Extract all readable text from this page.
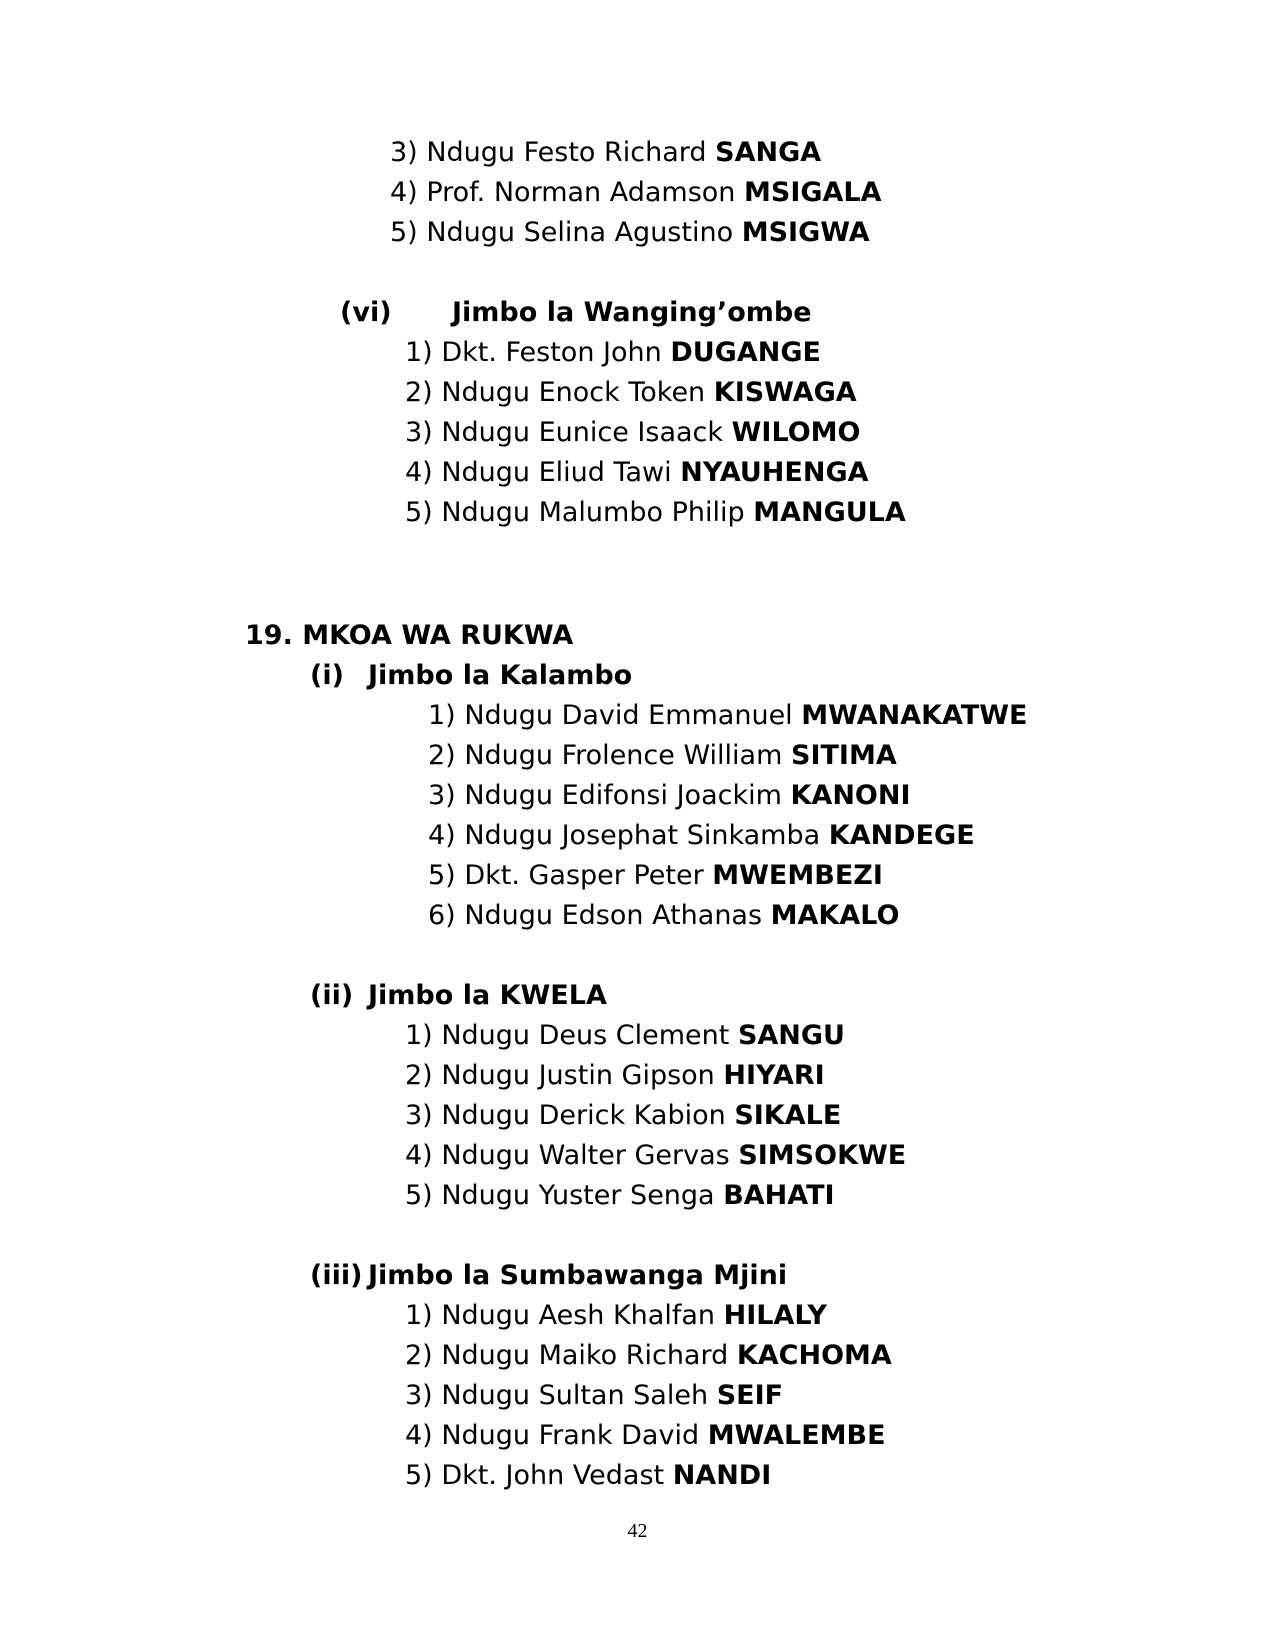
3) Ndugu Festo Richard SANGA
4) Prof. Norman Adamson MSIGALA
5) Ndugu Selina Agustino MSIGWA
(vi) Jimbo la Wanging’ombe
1) Dkt. Feston John DUGANGE
2) Ndugu Enock Token KISWAGA
3) Ndugu Eunice Isaack WILOMO
4) Ndugu Eliud Tawi NYAUHENGA
5) Ndugu Malumbo Philip MANGULA
19. MKOA WA RUKWA
(i) Jimbo la Kalambo
1) Ndugu David Emmanuel MWANAKATWE
2) Ndugu Frolence William SITIMA
3) Ndugu Edifonsi Joackim KANONI
4) Ndugu Josephat Sinkamba KANDEGE
5) Dkt. Gasper Peter MWEMBEZI
6) Ndugu Edson Athanas MAKALO
(ii) Jimbo la KWELA
1) Ndugu Deus Clement SANGU
2) Ndugu Justin Gipson HIYARI
3) Ndugu Derick Kabion SIKALE
4) Ndugu Walter Gervas SIMSOKWE
5) Ndugu Yuster Senga BAHATI
(iii) Jimbo la Sumbawanga Mjini
1) Ndugu Aesh Khalfan HILALY
2) Ndugu Maiko Richard KACHOMA
3) Ndugu Sultan Saleh SEIF
4) Ndugu Frank David MWALEMBE
5) Dkt. John Vedast NANDI
42
